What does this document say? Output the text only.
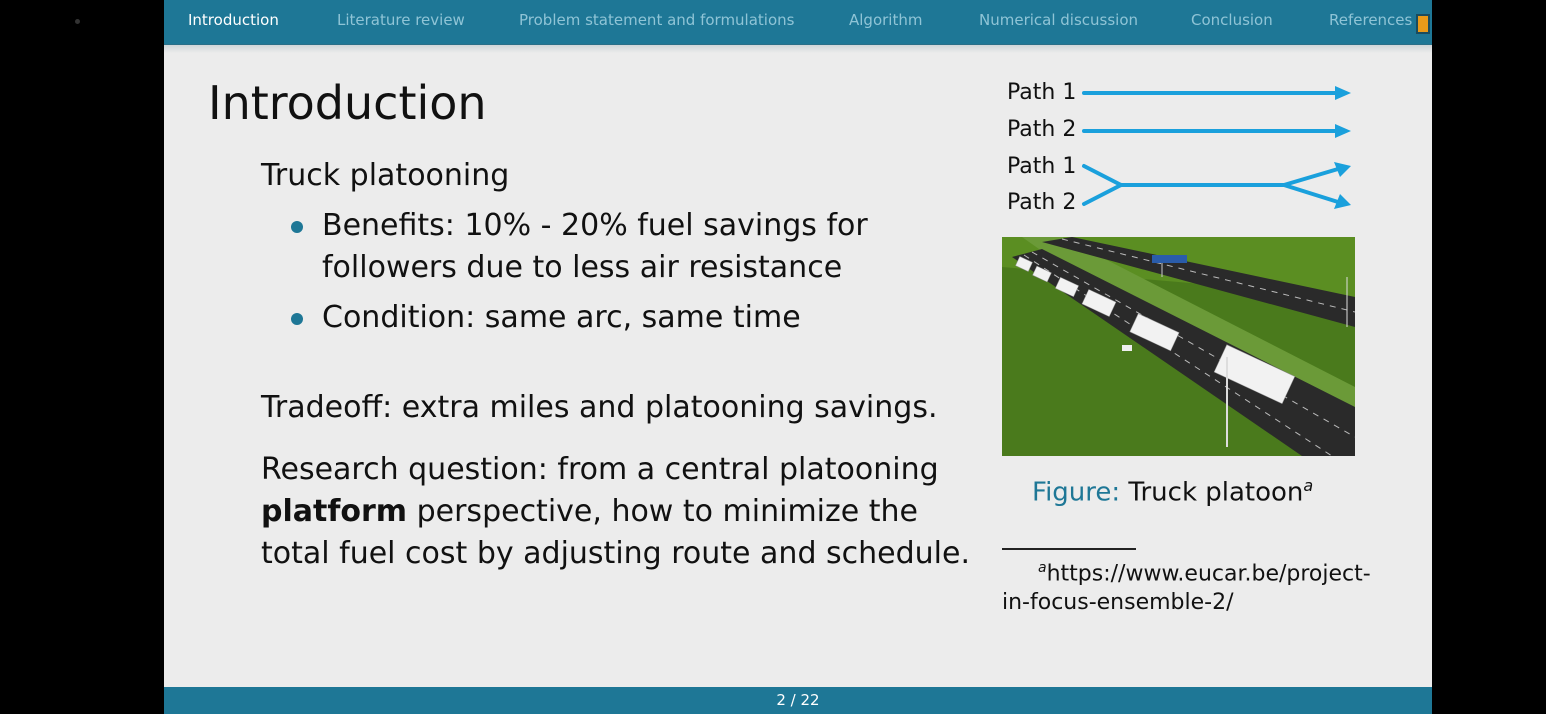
Introduction	Literature review	Problem statement and formulations	Algorithm	Numerical discussion	Conclusion	References
Introduction
Truck platooning
Benefits: 10% - 20% fuel savings for
followers due to less air resistance
Condition: same arc, same time
Tradeoff: extra miles and platooning savings.
Research question: from a central platooning
platform perspective, how to minimize the
total fuel cost by adjusting route and schedule.
Path 1
Path 2
Path 1
Path 2
Figure: Truck platoon$^a$
$^a$https://www.eucar.be/project-
in-focus-ensemble-2/
2 / 22
